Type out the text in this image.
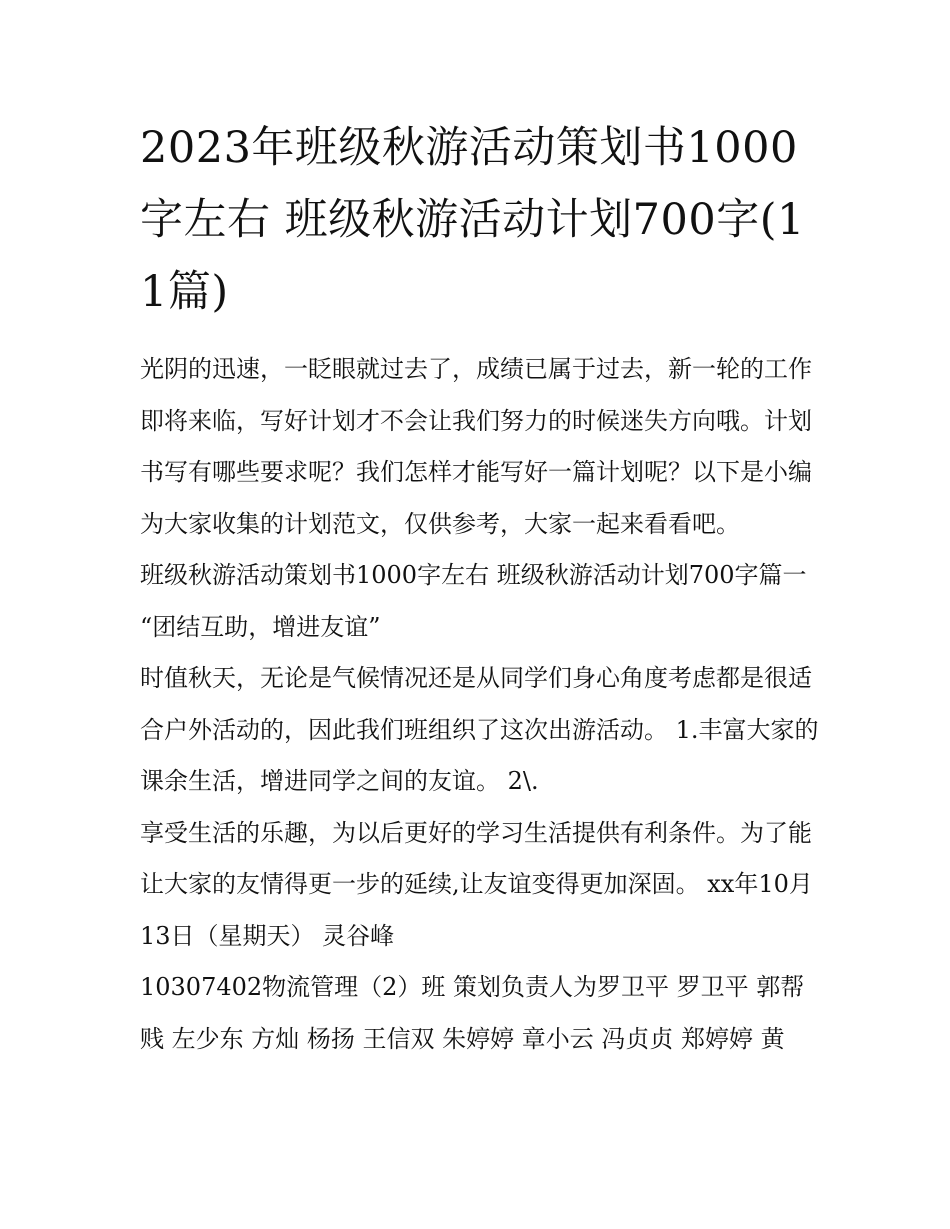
2023年班级秋游活动策划书1000字左右 班级秋游活动计划700字(11篇)

光阴的迅速，一眨眼就过去了，成绩已属于过去，新一轮的工作即将来临，写好计划才不会让我们努力的时候迷失方向哦。计划书写有哪些要求呢？我们怎样才能写好一篇计划呢？以下是小编为大家收集的计划范文，仅供参考，大家一起来看看吧。

班级秋游活动策划书1000字左右 班级秋游活动计划700字篇一 “团结互助，增进友谊”

时值秋天，无论是气候情况还是从同学们身心角度考虑都是很适合户外活动的，因此我们班组织了这次出游活动。 1.丰富大家的课余生活，增进同学之间的友谊。 2\.

享受生活的乐趣，为以后更好的学习生活提供有利条件。为了能让大家的友情得更一步的延续,让友谊变得更加深固。 xx年10月13日（星期天） 灵谷峰

10307402物流管理（2）班 策划负责人为罗卫平 罗卫平 郭帮贱 左少东 方灿 杨扬 王信双 朱婷婷 章小云 冯贞贞 郑婷婷 黄
